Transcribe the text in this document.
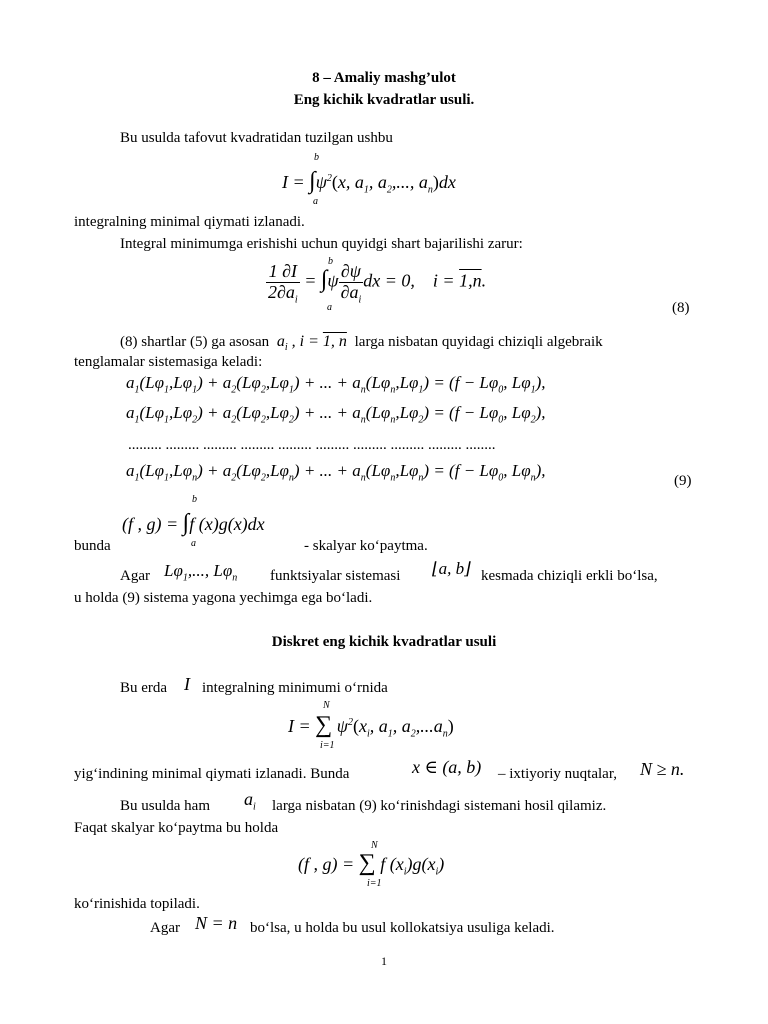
8 – Amaliy mashg’ulot
Eng kichik kvadratlar usuli.
Bu usulda tafovut kvadratidan tuzilgan ushbu
$I = \int\psi^2(x$, $a_1$, $a_2$,..., $a_n)dx$
b
a
integralning minimal qiymati izlanadi.
Integral minimumga erishishi uchun quyidgi shart bajarilishi zarur:
$\frac{1 \partial I}{2\partial a_i} = \int\psi \frac{\partial\psi}{\partial a_i}$ dx = 0,    i = 1,n.
b
a	(8)
(8) shartlar (5) ga asosan  $a_i$ , i = 1, n larga nisbatan quyidagi chiziqli algebraik
tenglamalar sistemasiga keladi:
$a_1(L\varphi_1,L\varphi_1) + a_2(L\varphi_2,L\varphi_1)$ + ... + $a_n(L\varphi_n,L\varphi_1) = (f - L\varphi_0$, $L\varphi_1$),
$a_1(L\varphi_1,L\varphi_2) + a_2(L\varphi_2,L\varphi_2)$ + ... + $a_n(L\varphi_n,L\varphi_2) = (f - L\varphi_0$, $L\varphi_2$),
......... ......... ......... ......... ......... ......... ......... ......... ......... ........
$a_1(L\varphi_1,L\varphi_n) + a_2(L\varphi_2,L\varphi_n)$ + ... + $a_n(L\varphi_n,L\varphi_n) = (f - L\varphi_0$, $L\varphi_n$),
(9)
(f , g) = ∫f (x)g(x)dx
b
a
bunda	- skalyar ko‘paytma.
Agar $L\varphi_1$,..., $L\varphi_n$ funktsiyalar sistemasi ⌊a, b⌋ kesmada chiziqli erkli bo‘lsa,
u holda (9) sistema yagona yechimga ega bo‘ladi.
Diskret eng kichik kvadratlar usuli
Bu erda I integralning minimumi o‘rnida
I = ∑ $\psi^2(x_i$, $a_1$, $a_2,...a_n$)
N
i=1
yig‘indining minimal qiymati izlanadi. Bunda	x ∈ (a, b) – ixtiyoriy nuqtalar, N ≥ n.
Bu usulda ham $a_i$ larga nisbatan (9) ko‘rinishdagi sistemani hosil qilamiz.
Faqat skalyar ko‘paytma bu holda
(f , g) = ∑ f $(x_i)g(x_i)$
N
i=1
ko‘rinishida topiladi.
Agar N = n bo‘lsa, u holda bu usul kollokatsiya usuliga keladi.
1
